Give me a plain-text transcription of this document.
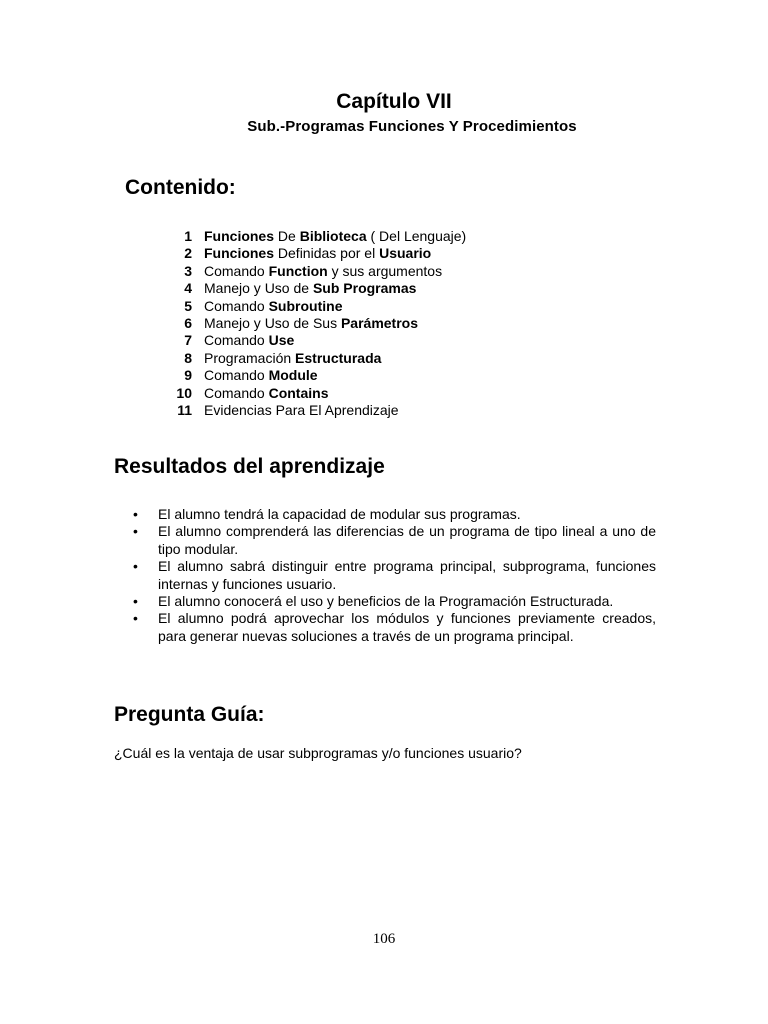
Capítulo VII
Sub.-Programas Funciones Y Procedimientos
Contenido:
1 Funciones De Biblioteca ( Del Lenguaje)
2 Funciones Definidas por el Usuario
3 Comando Function y sus argumentos
4 Manejo y Uso de Sub Programas
5 Comando Subroutine
6 Manejo y Uso de Sus Parámetros
7 Comando Use
8 Programación Estructurada
9 Comando Module
10 Comando Contains
11 Evidencias Para El Aprendizaje
Resultados del aprendizaje
• El alumno tendrá la capacidad de modular sus programas.
• El alumno comprenderá las diferencias de un programa de tipo lineal a uno de tipo modular.
• El alumno sabrá distinguir entre programa principal, subprograma, funciones internas y funciones usuario.
• El alumno conocerá el uso y beneficios de la Programación Estructurada.
• El alumno podrá aprovechar los módulos y funciones previamente creados, para generar nuevas soluciones a través de un programa principal.
Pregunta Guía:

¿Cuál es la ventaja de usar subprogramas y/o funciones usuario?

106
